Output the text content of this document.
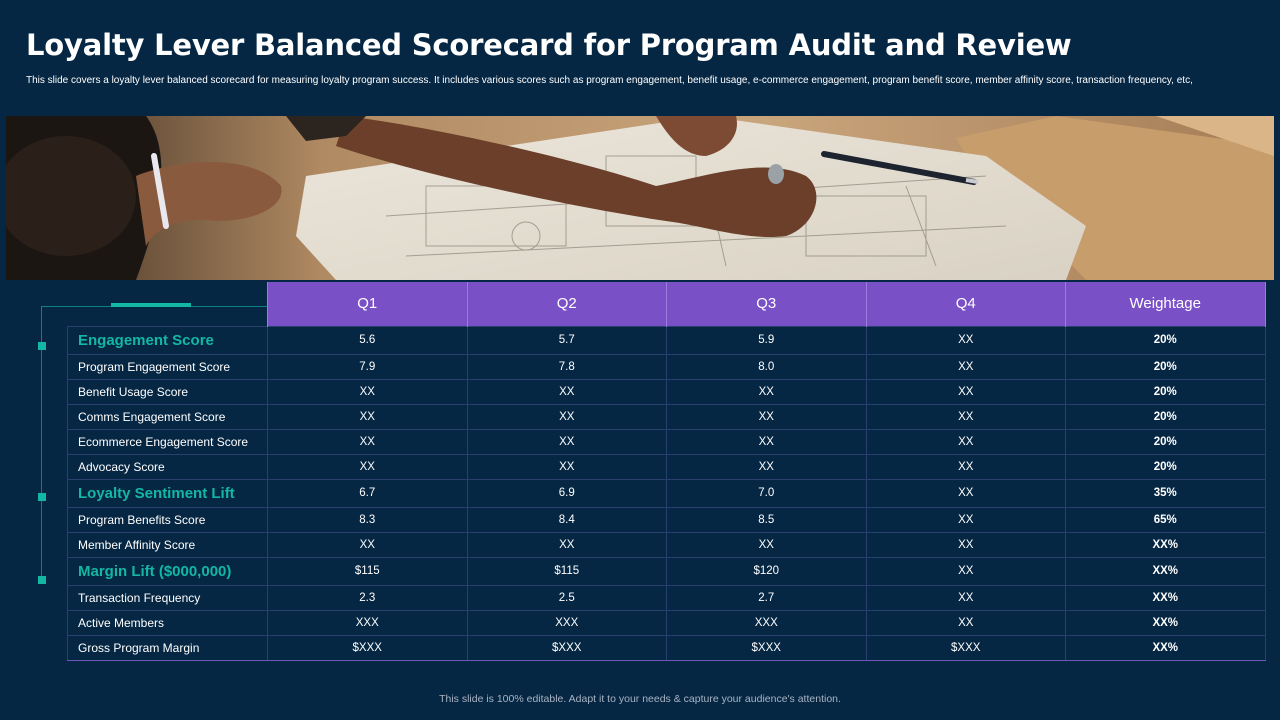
Loyalty Lever Balanced Scorecard for Program Audit and Review
This slide covers a loyalty lever balanced scorecard for measuring loyalty program success. It includes various scores such as program engagement, benefit usage, e-commerce engagement, program benefit score, member affinity score, transaction frequency, etc,
	Q1	Q2	Q3	Q4	Weightage
Engagement Score	5.6	5.7	5.9	XX	20%
Program Engagement Score	7.9	7.8	8.0	XX	20%
Benefit Usage Score	XX	XX	XX	XX	20%
Comms Engagement Score	XX	XX	XX	XX	20%
Ecommerce Engagement Score	XX	XX	XX	XX	20%
Advocacy Score	XX	XX	XX	XX	20%
Loyalty Sentiment Lift	6.7	6.9	7.0	XX	35%
Program Benefits Score	8.3	8.4	8.5	XX	65%
Member Affinity Score	XX	XX	XX	XX	XX%
Margin Lift ($000,000)	$115	$115	$120	XX	XX%
Transaction Frequency	2.3	2.5	2.7	XX	XX%
Active Members	XXX	XXX	XXX	XX	XX%
Gross Program Margin	$XXX	$XXX	$XXX	$XXX	XX%
This slide is 100% editable. Adapt it to your needs & capture your audience's attention.
